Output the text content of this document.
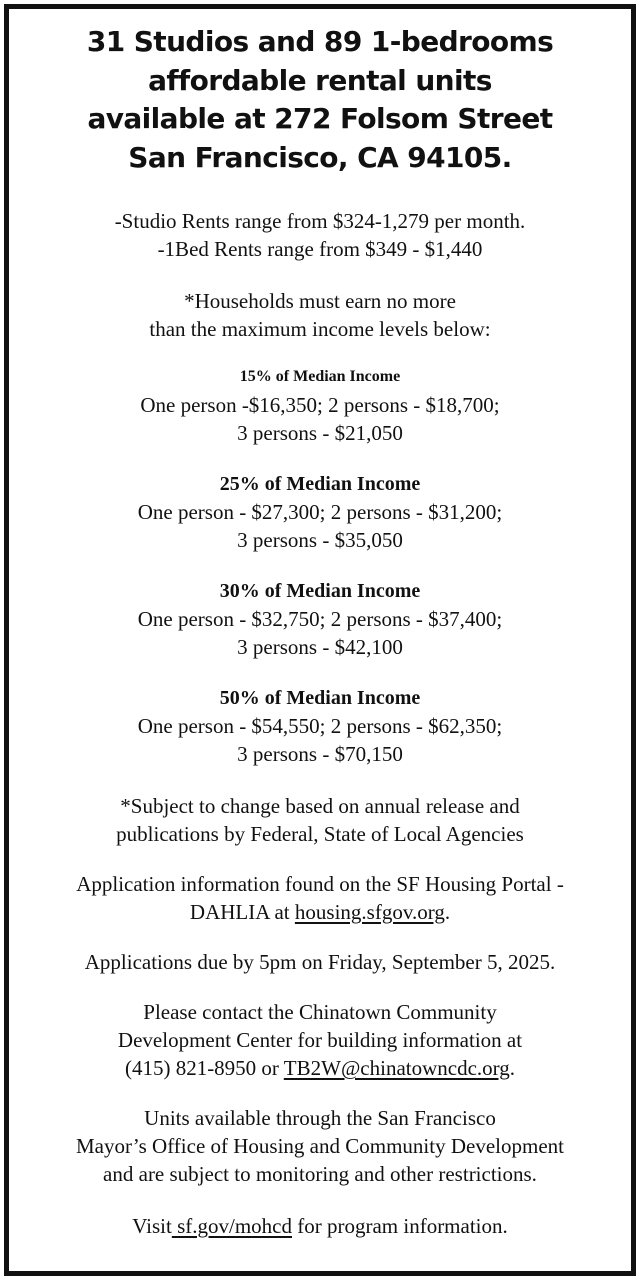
31 Studios and 89 1-bedrooms
affordable rental units
available at 272 Folsom Street
San Francisco, CA 94105.
-Studio Rents range from $324-1,279 per month.
-1Bed Rents range from $349 - $1,440
*Households must earn no more
than the maximum income levels below:
15% of Median Income
One person -$16,350; 2 persons - $18,700;
3 persons - $21,050
25% of Median Income
One person - $27,300; 2 persons - $31,200;
3 persons - $35,050
30% of Median Income
One person - $32,750; 2 persons - $37,400;
3 persons - $42,100
50% of Median Income
One person - $54,550; 2 persons - $62,350;
3 persons - $70,150
*Subject to change based on annual release and
publications by Federal, State of Local Agencies
Application information found on the SF Housing Portal -
DAHLIA at housing.sfgov.org.
Applications due by 5pm on Friday, September 5, 2025.
Please contact the Chinatown Community
Development Center for building information at
(415) 821-8950 or TB2W@chinatowncdc.org.
Units available through the San Francisco
Mayor’s Office of Housing and Community Development
and are subject to monitoring and other restrictions.
Visit sf.gov/mohcd for program information.
